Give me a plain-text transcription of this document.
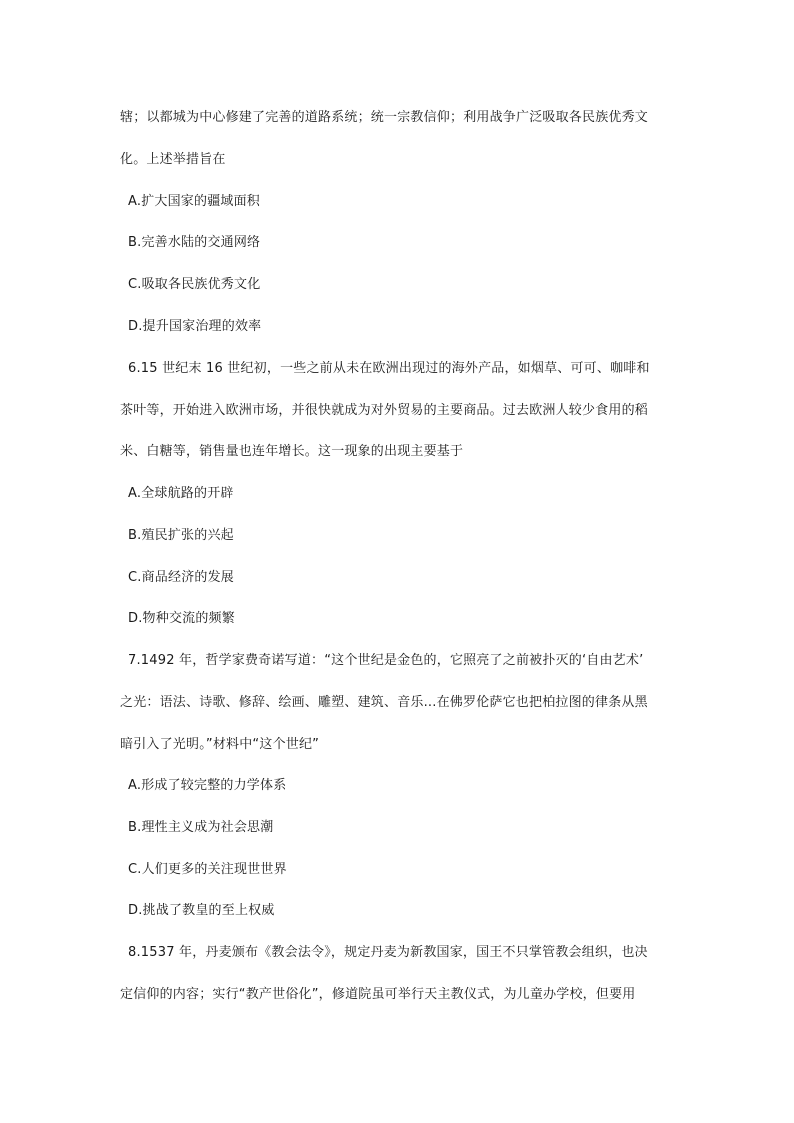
辖；以都城为中心修建了完善的道路系统；统一宗教信仰；利用战争广泛吸取各民族优秀文
化。上述举措旨在
A.扩大国家的疆域面积
B.完善水陆的交通网络
C.吸取各民族优秀文化
D.提升国家治理的效率
6.15 世纪末 16 世纪初，一些之前从未在欧洲出现过的海外产品，如烟草、可可、咖啡和
茶叶等，开始进入欧洲市场，并很快就成为对外贸易的主要商品。过去欧洲人较少食用的稻
米、白糖等，销售量也连年增长。这一现象的出现主要基于
A.全球航路的开辟
B.殖民扩张的兴起
C.商品经济的发展
D.物种交流的频繁
7.1492 年，哲学家费奇诺写道：“这个世纪是金色的，它照亮了之前被扑灭的‘自由艺术’
之光：语法、诗歌、修辞、绘画、雕塑、建筑、音乐...在佛罗伦萨它也把柏拉图的律条从黑
暗引入了光明。”材料中“这个世纪”
A.形成了较完整的力学体系
B.理性主义成为社会思潮
C.人们更多的关注现世世界
D.挑战了教皇的至上权威
8.1537 年，丹麦颁布《教会法令》，规定丹麦为新教国家，国王不只掌管教会组织，也决
定信仰的内容；实行“教产世俗化”，修道院虽可举行天主教仪式，为儿童办学校，但要用
